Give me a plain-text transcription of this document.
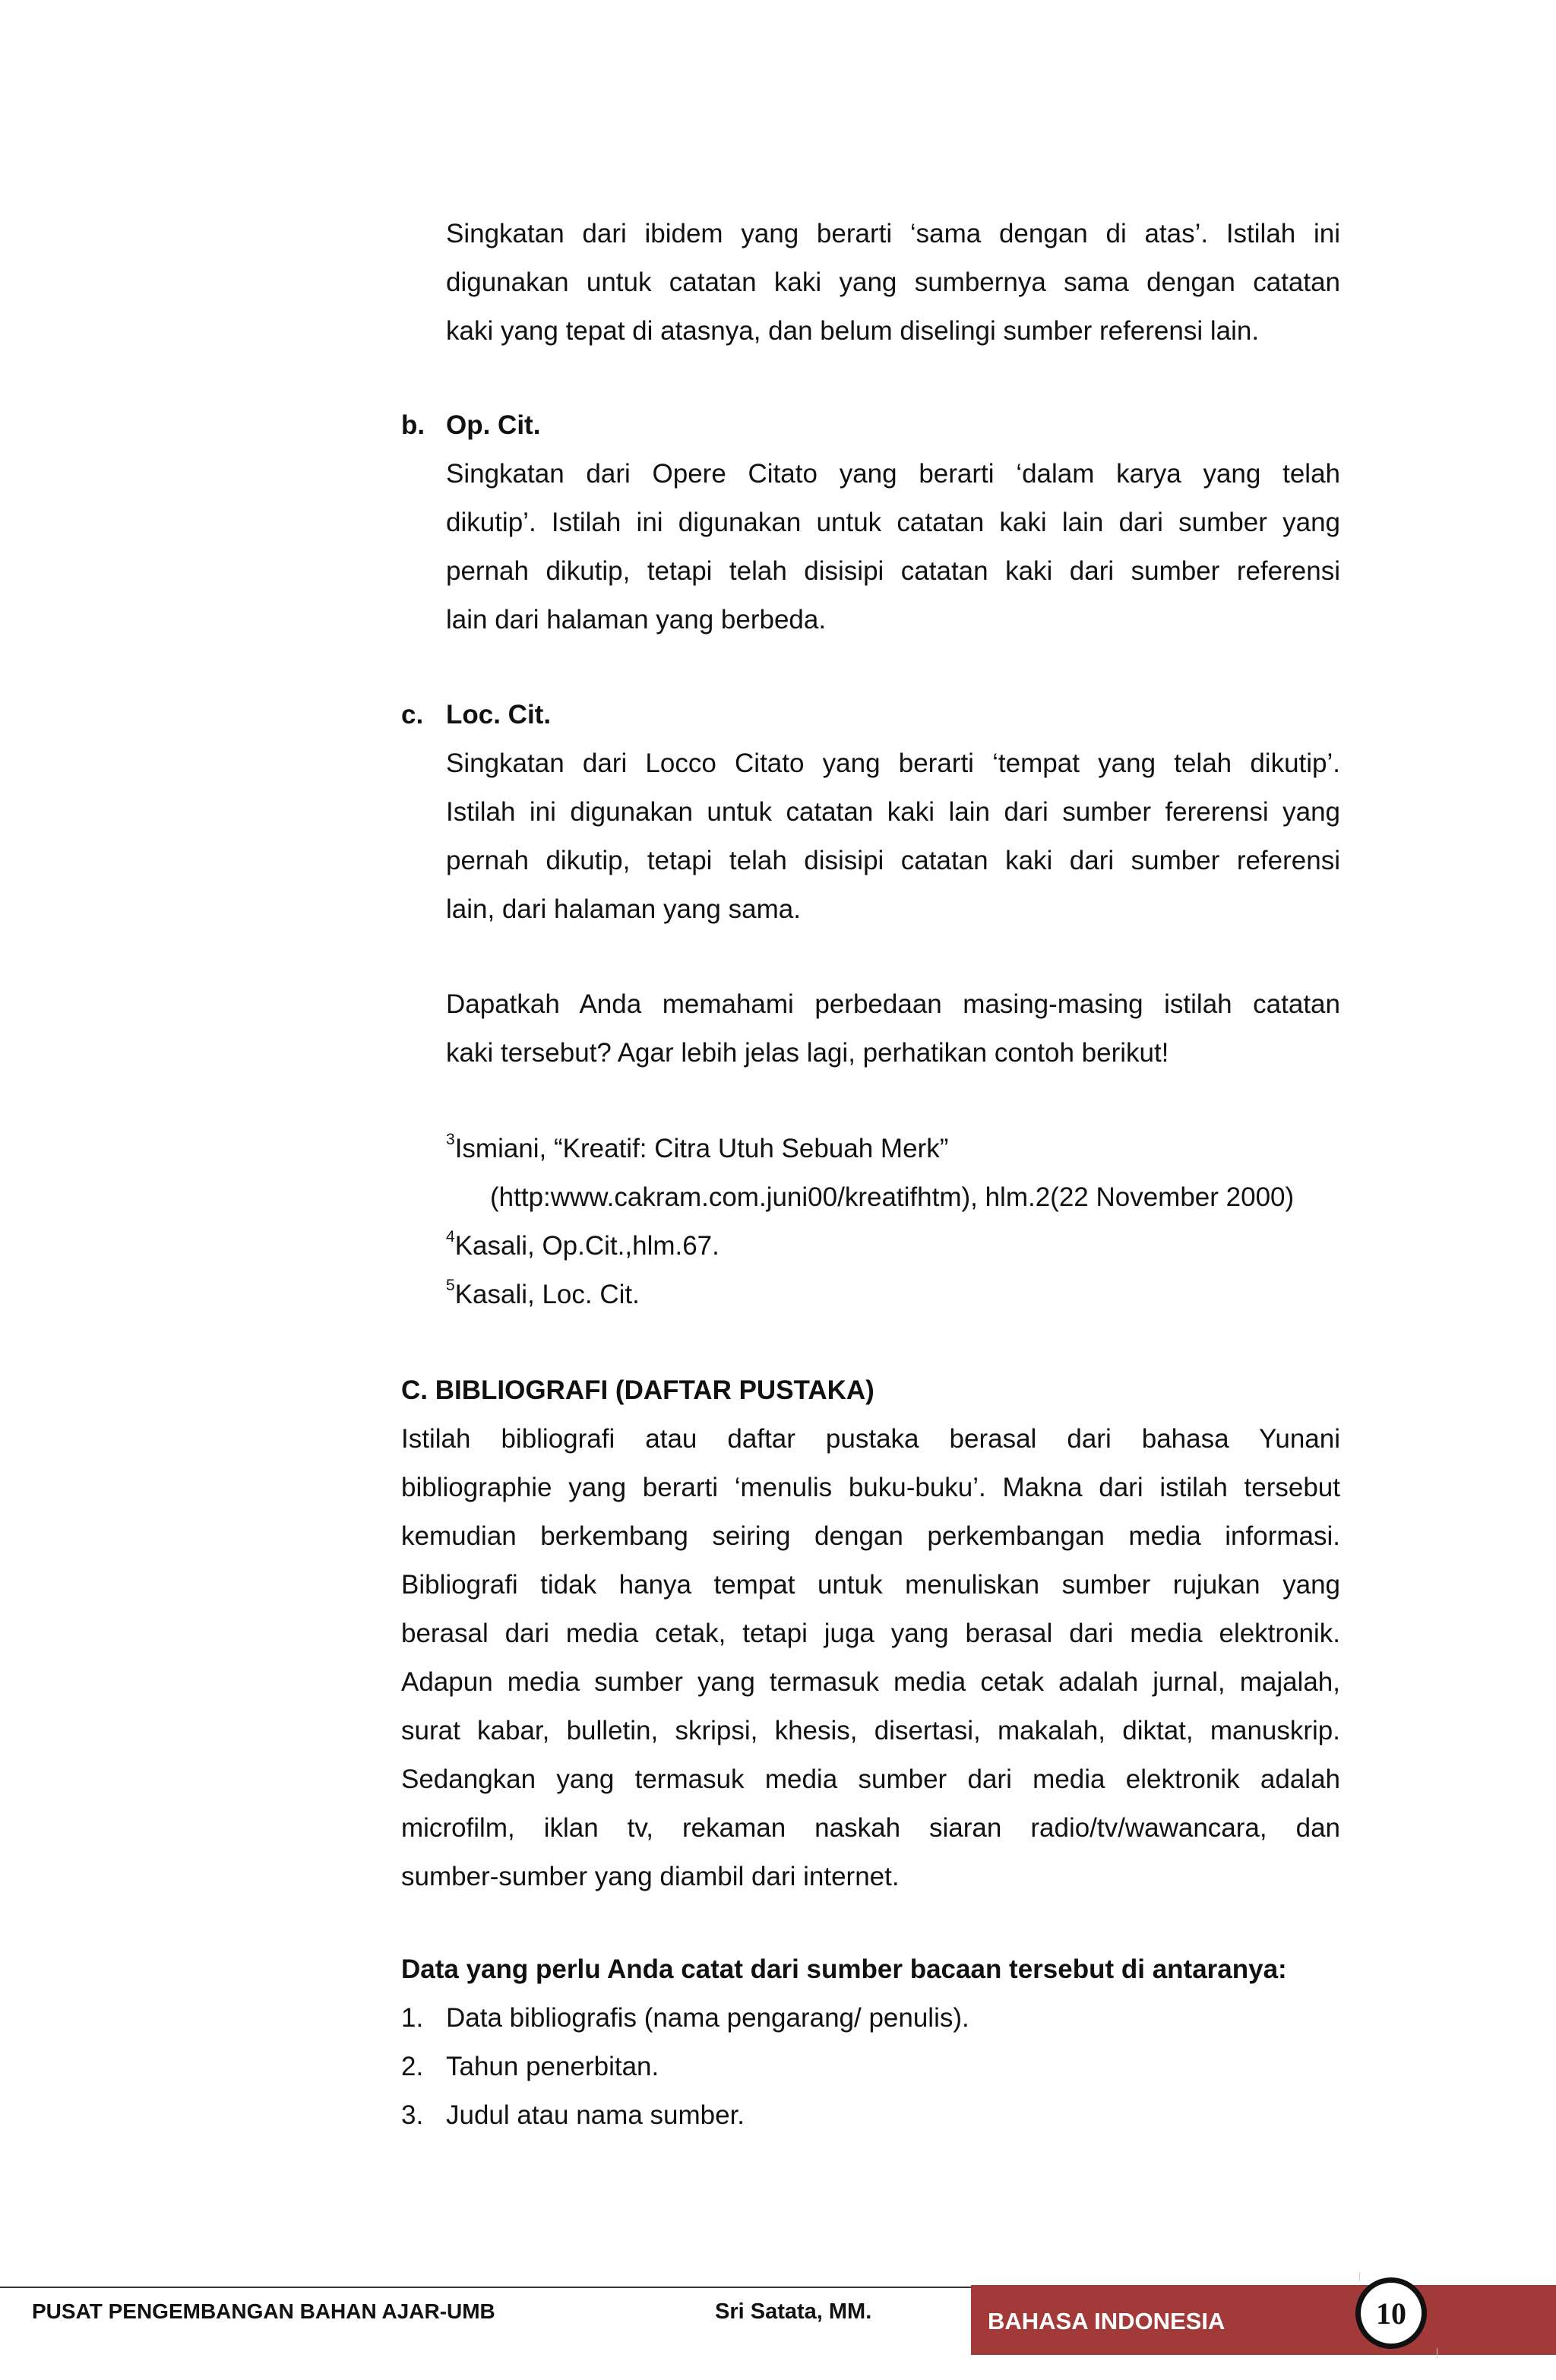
Singkatan dari ibidem yang berarti ‘sama dengan di atas’. Istilah ini
digunakan untuk catatan kaki yang sumbernya sama dengan catatan
kaki yang tepat di atasnya, dan belum diselingi sumber referensi lain.
b. Op. Cit.
Singkatan dari Opere Citato yang berarti ‘dalam karya yang telah
dikutip’. Istilah ini digunakan untuk catatan kaki lain dari sumber yang
pernah dikutip, tetapi telah disisipi catatan kaki dari sumber referensi
lain dari halaman yang berbeda.
c. Loc. Cit.
Singkatan dari Locco Citato yang berarti ‘tempat yang telah dikutip’.
Istilah ini digunakan untuk catatan kaki lain dari sumber fererensi yang
pernah dikutip, tetapi telah disisipi catatan kaki dari sumber referensi
lain, dari halaman yang sama.
Dapatkah Anda memahami perbedaan masing-masing istilah catatan
kaki tersebut? Agar lebih jelas lagi, perhatikan contoh berikut!
$^3$Ismiani, “Kreatif: Citra Utuh Sebuah Merk”
(http:www.cakram.com.juni00/kreatifhtm), hlm.2(22 November 2000)
$^4$Kasali, Op.Cit.,hlm.67.
$^5$Kasali, Loc. Cit.
C. BIBLIOGRAFI (DAFTAR PUSTAKA)
Istilah bibliografi atau daftar pustaka berasal dari bahasa Yunani
bibliographie yang berarti ‘menulis buku-buku’. Makna dari istilah tersebut
kemudian berkembang seiring dengan perkembangan media informasi.
Bibliografi tidak hanya tempat untuk menuliskan sumber rujukan yang
berasal dari media cetak, tetapi juga yang berasal dari media elektronik.
Adapun media sumber yang termasuk media cetak adalah jurnal, majalah,
surat kabar, bulletin, skripsi, khesis, disertasi, makalah, diktat, manuskrip.
Sedangkan yang termasuk media sumber dari media elektronik adalah
microfilm, iklan tv, rekaman naskah siaran radio/tv/wawancara, dan
sumber-sumber yang diambil dari internet.
Data yang perlu Anda catat dari sumber bacaan tersebut di antaranya:
1. Data bibliografis (nama pengarang/ penulis).
2. Tahun penerbitan.
3. Judul atau nama sumber.
PUSAT PENGEMBANGAN BAHAN AJAR-UMB	Sri Satata, MM.	BAHASA INDONESIA	10
